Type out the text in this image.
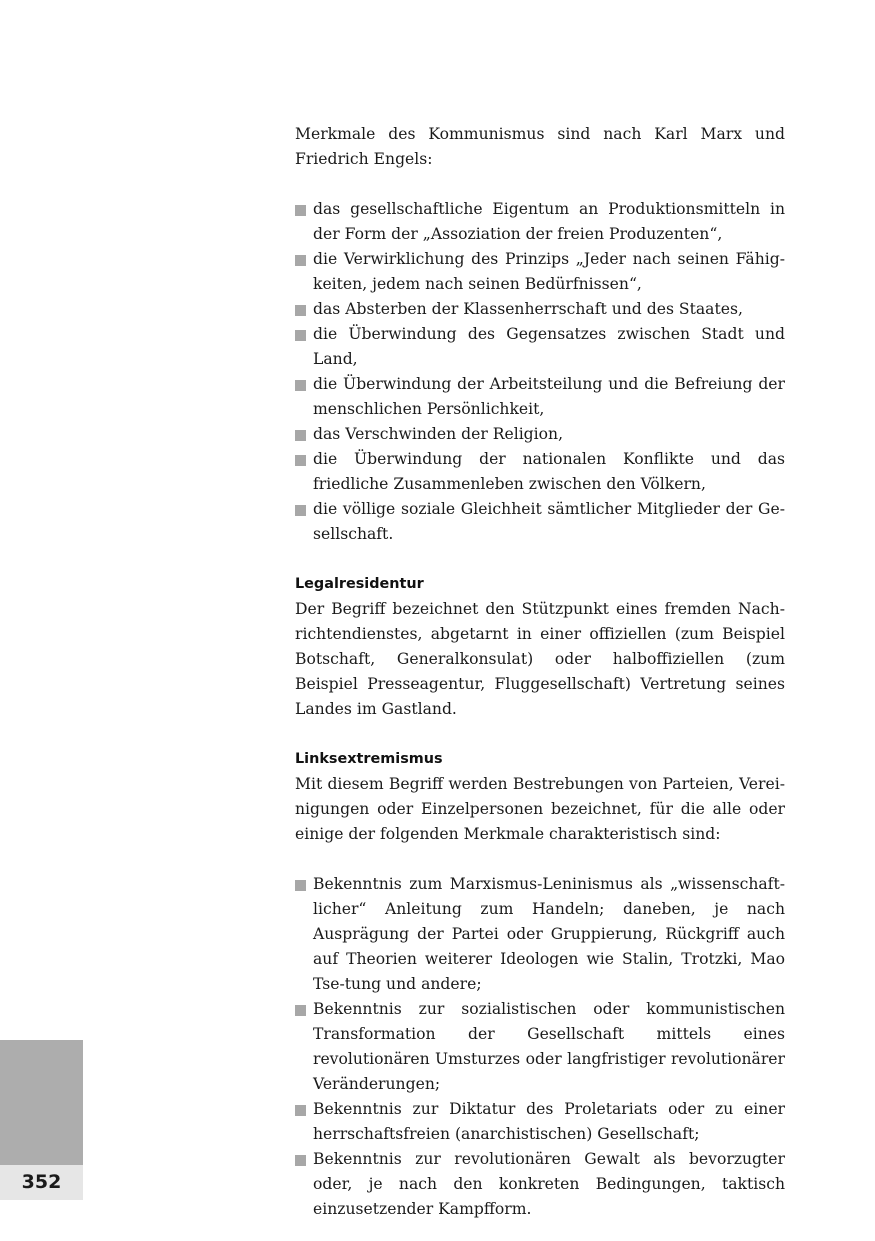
Merkmale des Kommunismus sind nach Karl Marx und Friedrich Engels:

das gesellschaftliche Eigentum an Produktionsmitteln in der Form der „Assoziation der freien Produzenten“,
die Verwirklichung des Prinzips „Jeder nach seinen Fähigkeiten, jedem nach seinen Bedürfnissen“,
das Absterben der Klassenherrschaft und des Staates,
die Überwindung des Gegensatzes zwischen Stadt und Land,
die Überwindung der Arbeitsteilung und die Befreiung der menschlichen Persönlichkeit,
das Verschwinden der Religion,
die Überwindung der nationalen Konflikte und das friedliche Zusammenleben zwischen den Völkern,
die völlige soziale Gleichheit sämtlicher Mitglieder der Gesellschaft.
Legalresidentur

Der Begriff bezeichnet den Stützpunkt eines fremden Nachrichtendienstes, abgetarnt in einer offiziellen (zum Beispiel Botschaft, Generalkonsulat) oder halboffiziellen (zum Beispiel Presseagentur, Fluggesellschaft) Vertretung seines Landes im Gastland.

Linksextremismus

Mit diesem Begriff werden Bestrebungen von Parteien, Vereinigungen oder Einzelpersonen bezeichnet, für die alle oder einige der folgenden Merkmale charakteristisch sind:

Bekenntnis zum Marxismus-Leninismus als „wissenschaftlicher“ Anleitung zum Handeln; daneben, je nach Ausprägung der Partei oder Gruppierung, Rückgriff auch auf Theorien weiterer Ideologen wie Stalin, Trotzki, Mao Tse-tung und andere;
Bekenntnis zur sozialistischen oder kommunistischen Transformation der Gesellschaft mittels eines revolutionären Umsturzes oder langfristiger revolutionärer Veränderungen;
Bekenntnis zur Diktatur des Proletariats oder zu einer herrschaftsfreien (anarchistischen) Gesellschaft;
Bekenntnis zur revolutionären Gewalt als bevorzugter oder, je nach den konkreten Bedingungen, taktisch einzusetzender Kampfform.
352
